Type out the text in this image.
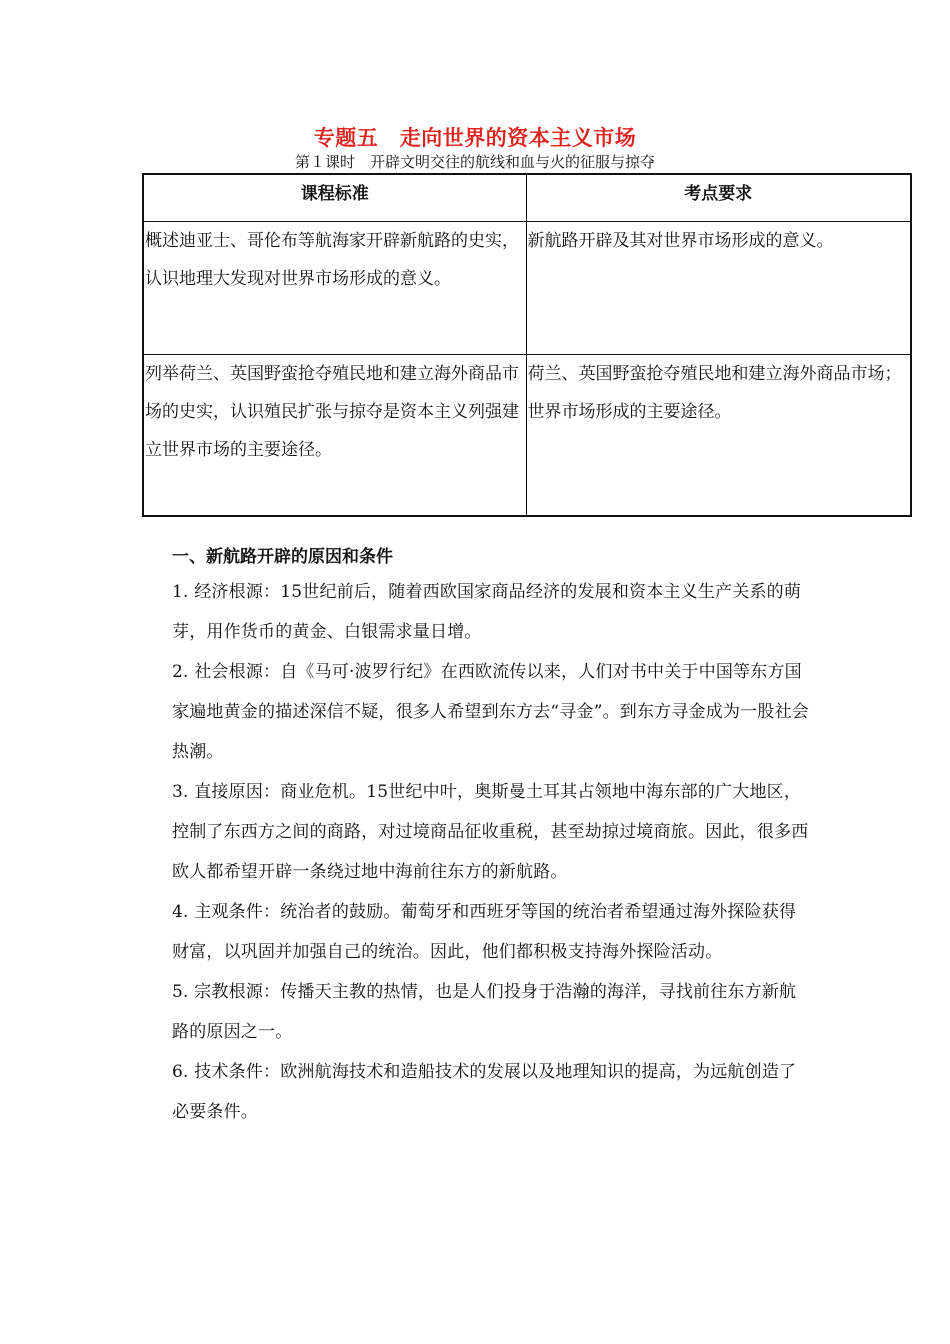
专题五　走向世界的资本主义市场
第１课时　开辟文明交往的航线和血与火的征服与掠夺
课程标准	考点要求
概述迪亚士、哥伦布等航海家开辟新航路的史实，认识地理大发现对世界市场形成的意义。	新航路开辟及其对世界市场形成的意义。
列举荷兰、英国野蛮抢夺殖民地和建立海外商品市场的史实，认识殖民扩张与掠夺是资本主义列强建立世界市场的主要途径。	荷兰、英国野蛮抢夺殖民地和建立海外商品市场；世界市场形成的主要途径。
一、新航路开辟的原因和条件
1. 经济根源：15世纪前后，随着西欧国家商品经济的发展和资本主义生产关系的萌芽，用作货币的黄金、白银需求量日增。
2. 社会根源：自《马可·波罗行纪》在西欧流传以来，人们对书中关于中国等东方国家遍地黄金的描述深信不疑，很多人希望到东方去“寻金”。到东方寻金成为一股社会热潮。
3. 直接原因：商业危机。15世纪中叶，奥斯曼土耳其占领地中海东部的广大地区，控制了东西方之间的商路，对过境商品征收重税，甚至劫掠过境商旅。因此，很多西欧人都希望开辟一条绕过地中海前往东方的新航路。
4. 主观条件：统治者的鼓励。葡萄牙和西班牙等国的统治者希望通过海外探险获得财富，以巩固并加强自己的统治。因此，他们都积极支持海外探险活动。
5. 宗教根源：传播天主教的热情，也是人们投身于浩瀚的海洋，寻找前往东方新航路的原因之一。
6. 技术条件：欧洲航海技术和造船技术的发展以及地理知识的提高，为远航创造了必要条件。
